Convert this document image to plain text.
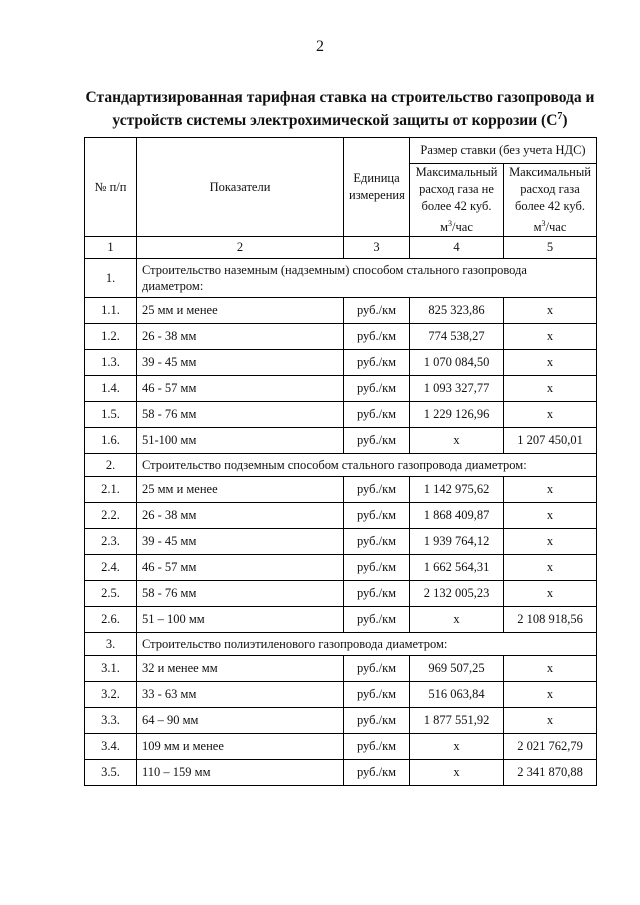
2
Стандартизированная тарифная ставка на строительство газопровода и
устройств системы электрохимической защиты от коррозии $(С^7)$
№ п/п	Показатели	Единица измерения	Размер ставки (без учета НДС)	
			Максимальный расход газа не более 42 куб. $м^3$/час	Максимальный расход газа более 42 куб. $м^3$/час
1	2	3	4	5
1.	Строительство наземным (надземным) способом стального газопровода диаметром:			
1.1.	25 мм и менее	руб./км	825 323,86	х
1.2.	26 - 38 мм	руб./км	774 538,27	х
1.3.	39 - 45 мм	руб./км	1 070 084,50	х
1.4.	46 - 57 мм	руб./км	1 093 327,77	х
1.5.	58 - 76 мм	руб./км	1 229 126,96	х
1.6.	51-100 мм	руб./км	х	1 207 450,01
2.	Строительство подземным способом стального газопровода диаметром:			
2.1.	25 мм и менее	руб./км	1 142 975,62	х
2.2.	26 - 38 мм	руб./км	1 868 409,87	х
2.3.	39 - 45 мм	руб./км	1 939 764,12	х
2.4.	46 - 57 мм	руб./км	1 662 564,31	х
2.5.	58 - 76 мм	руб./км	2 132 005,23	х
2.6.	51 – 100 мм	руб./км	х	2 108 918,56
3.	Строительство полиэтиленового газопровода диаметром:			
3.1.	32 и менее мм	руб./км	969 507,25	х
3.2.	33 - 63 мм	руб./км	516 063,84	х
3.3.	64 – 90 мм	руб./км	1 877 551,92	х
3.4.	109 мм и менее	руб./км	х	2 021 762,79
3.5.	110 – 159 мм	руб./км	х	2 341 870,88
